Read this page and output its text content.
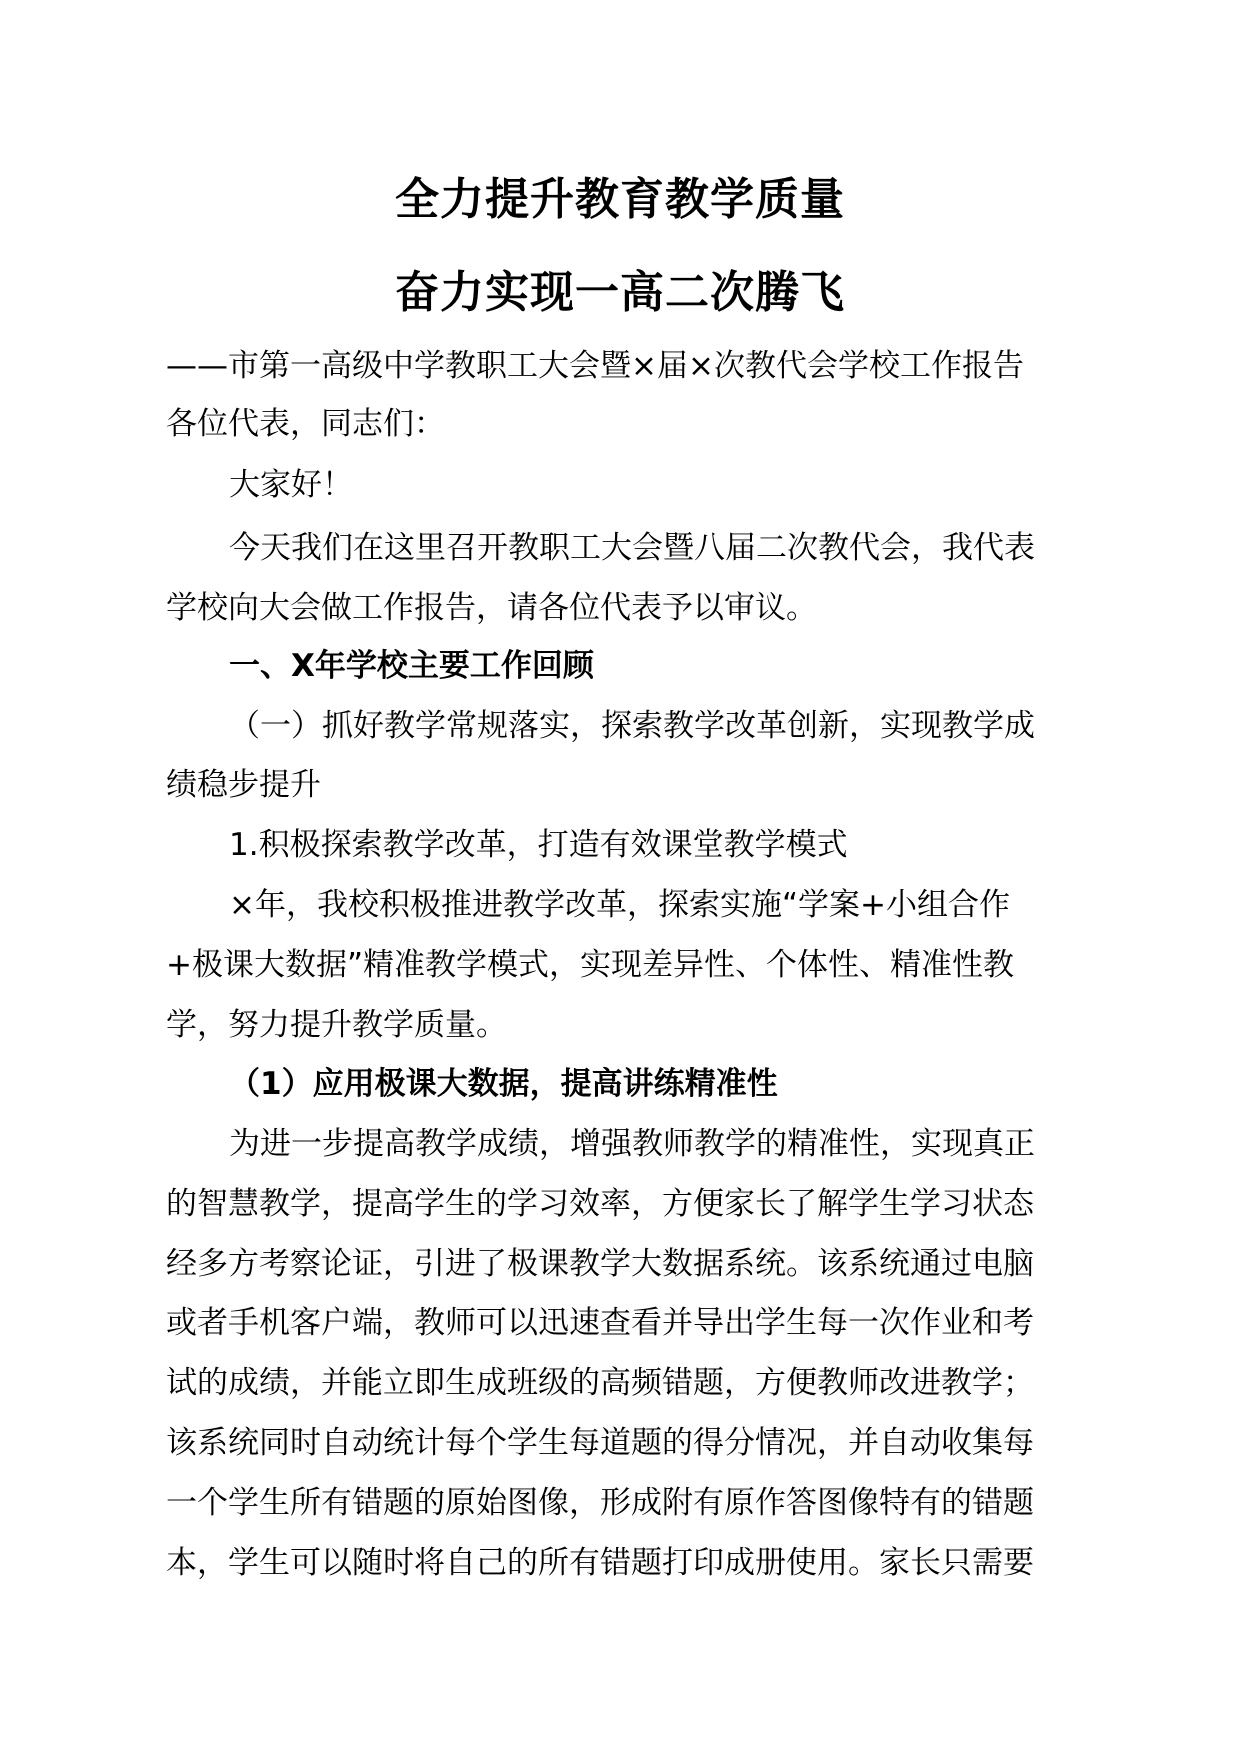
全力提升教育教学质量
奋力实现一高二次腾飞
——市第一高级中学教职工大会暨×届×次教代会学校工作报告
各位代表，同志们：
大家好！
今天我们在这里召开教职工大会暨八届二次教代会，我代表
学校向大会做工作报告，请各位代表予以审议。
一、X年学校主要工作回顾
（一）抓好教学常规落实，探索教学改革创新，实现教学成
绩稳步提升
1.积极探索教学改革，打造有效课堂教学模式
×年，我校积极推进教学改革，探索实施“学案+小组合作
+极课大数据”精准教学模式，实现差异性、个体性、精准性教
学，努力提升教学质量。
（1）应用极课大数据，提高讲练精准性
为进一步提高教学成绩，增强教师教学的精准性，实现真正
的智慧教学，提高学生的学习效率，方便家长了解学生学习状态
经多方考察论证，引进了极课教学大数据系统。该系统通过电脑
或者手机客户端，教师可以迅速查看并导出学生每一次作业和考
试的成绩，并能立即生成班级的高频错题，方便教师改进教学；
该系统同时自动统计每个学生每道题的得分情况，并自动收集每
一个学生所有错题的原始图像，形成附有原作答图像特有的错题
本，学生可以随时将自己的所有错题打印成册使用。家长只需要
